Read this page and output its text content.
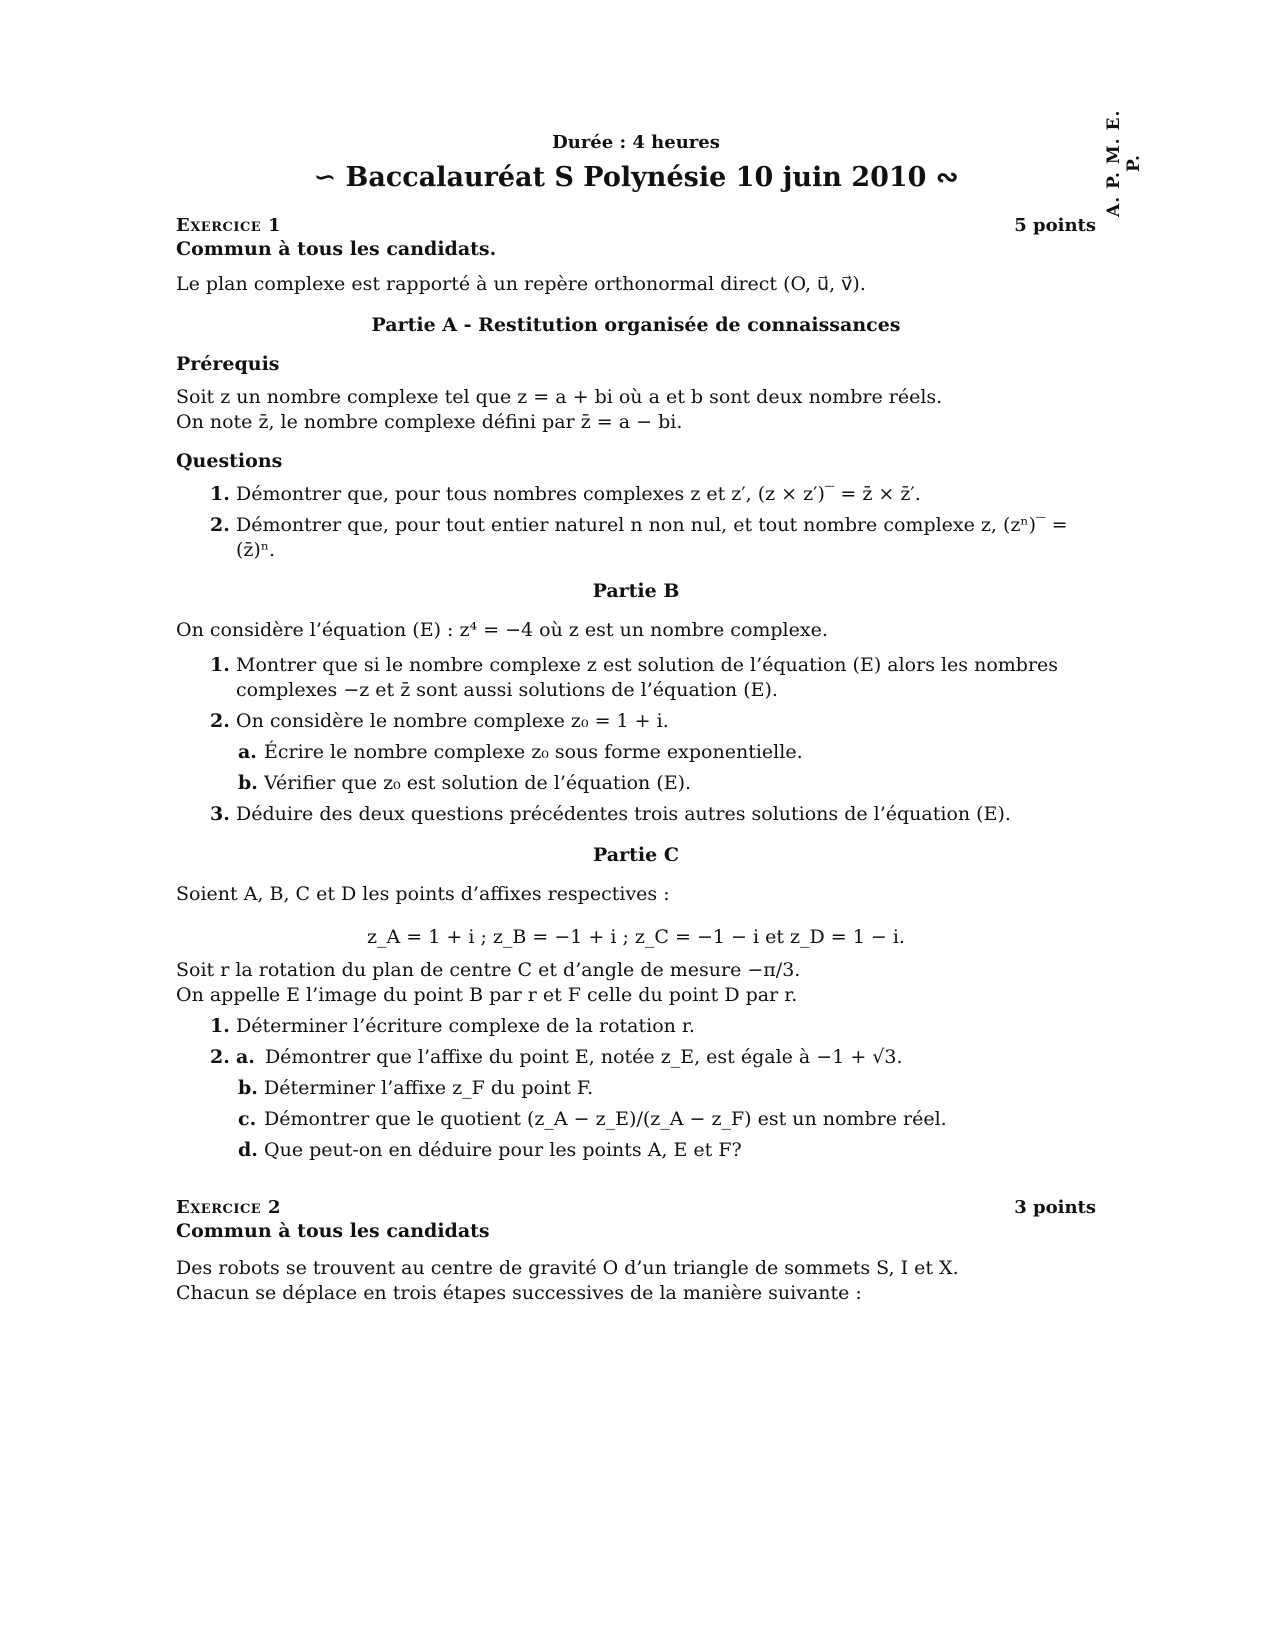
A. P. M. E. P.
Durée : 4 heures
∽ Baccalauréat S Polynésie 10 juin 2010 ∾
Exercice 1	5 points
Commun à tous les candidats.
Le plan complexe est rapporté à un repère orthonormal direct (O, u⃗, v⃗).
Partie A - Restitution organisée de connaissances
Prérequis
Soit z un nombre complexe tel que z = a + bi où a et b sont deux nombre réels.
On note z̄, le nombre complexe défini par z̄ = a − bi.
Questions
1. Démontrer que, pour tous nombres complexes z et z′, (z × z′)‾ = z̄ × z̄′.
2. Démontrer que, pour tout entier naturel n non nul, et tout nombre complexe z, (zⁿ)‾ = (z̄)ⁿ.
Partie B
On considère l’équation (E) : z⁴ = −4 où z est un nombre complexe.
1. Montrer que si le nombre complexe z est solution de l’équation (E) alors les nombres complexes −z et z̄ sont aussi solutions de l’équation (E).
2. On considère le nombre complexe z₀ = 1 + i.
a. Écrire le nombre complexe z₀ sous forme exponentielle.
b. Vérifier que z₀ est solution de l’équation (E).
3. Déduire des deux questions précédentes trois autres solutions de l’équation (E).
Partie C
Soient A, B, C et D les points d’affixes respectives :
z_A = 1 + i ; z_B = −1 + i ; z_C = −1 − i et z_D = 1 − i.
Soit r la rotation du plan de centre C et d’angle de mesure −π/3.
On appelle E l’image du point B par r et F celle du point D par r.
1. Déterminer l’écriture complexe de la rotation r.
2. a. Démontrer que l’affixe du point E, notée z_E, est égale à −1 + √3.
b. Déterminer l’affixe z_F du point F.
c. Démontrer que le quotient (z_A − z_E)/(z_A − z_F) est un nombre réel.
d. Que peut-on en déduire pour les points A, E et F?
Exercice 2	3 points
Commun à tous les candidats
Des robots se trouvent au centre de gravité O d’un triangle de sommets S, I et X.
Chacun se déplace en trois étapes successives de la manière suivante :
